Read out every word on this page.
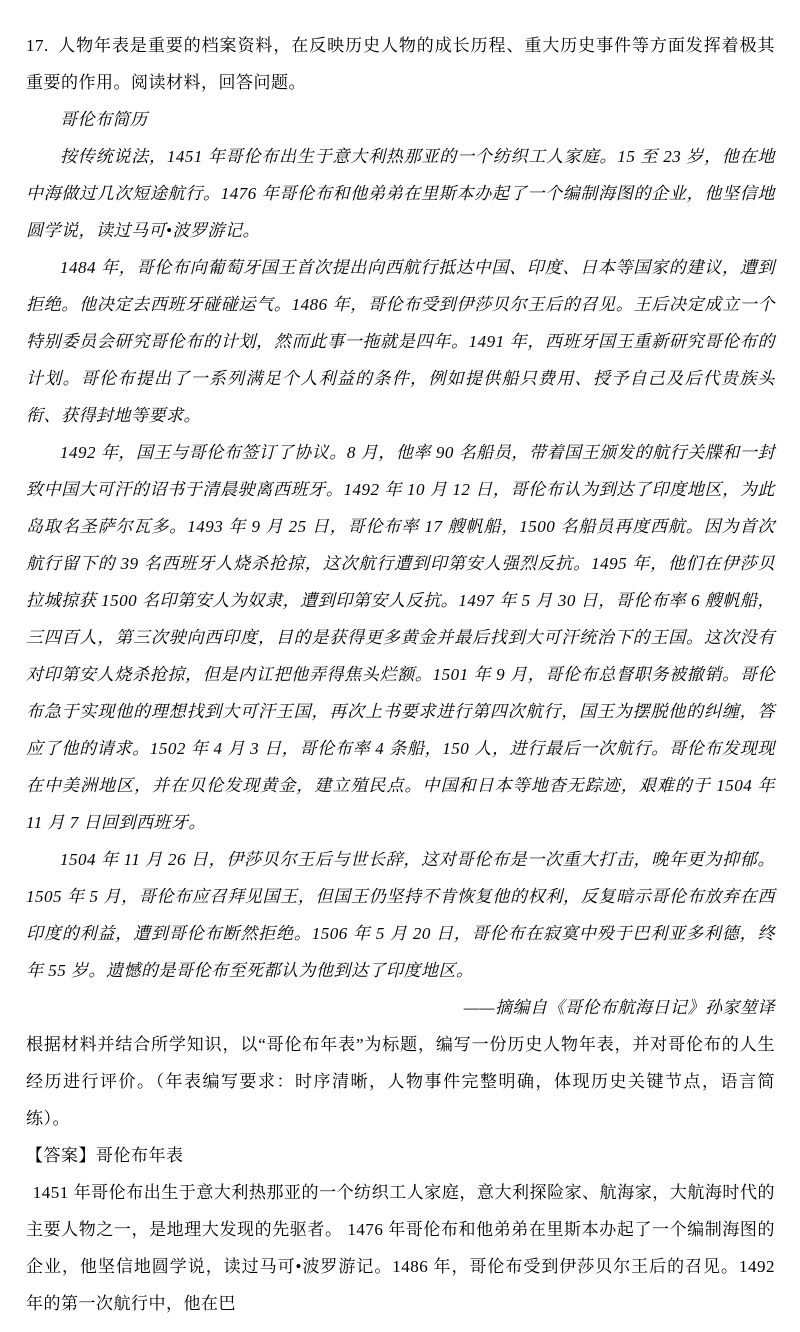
17. 人物年表是重要的档案资料，在反映历史人物的成长历程、重大历史事件等方面发挥着极其重要的作用。阅读材料，回答问题。

哥伦布简历

按传统说法，1451 年哥伦布出生于意大利热那亚的一个纺织工人家庭。15 至 23 岁，他在地中海做过几次短途航行。1476 年哥伦布和他弟弟在里斯本办起了一个编制海图的企业，他坚信地圆学说，读过马可•波罗游记。

1484 年，哥伦布向葡萄牙国王首次提出向西航行抵达中国、印度、日本等国家的建议，遭到拒绝。他决定去西班牙碰碰运气。1486 年，哥伦布受到伊莎贝尔王后的召见。王后决定成立一个特别委员会研究哥伦布的计划，然而此事一拖就是四年。1491 年，西班牙国王重新研究哥伦布的计划。哥伦布提出了一系列满足个人利益的条件，例如提供船只费用、授予自己及后代贵族头衔、获得封地等要求。

1492 年，国王与哥伦布签订了协议。8 月，他率 90 名船员，带着国王颁发的航行关牒和一封致中国大可汗的诏书于清晨驶离西班牙。1492 年 10 月 12 日，哥伦布认为到达了印度地区，为此岛取名圣萨尔瓦多。1493 年 9 月 25 日，哥伦布率 17 艘帆船，1500 名船员再度西航。因为首次航行留下的 39 名西班牙人烧杀抢掠，这次航行遭到印第安人强烈反抗。1495 年，他们在伊莎贝拉城掠获 1500 名印第安人为奴隶，遭到印第安人反抗。1497 年 5 月 30 日，哥伦布率 6 艘帆船，三四百人，第三次驶向西印度，目的是获得更多黄金并最后找到大可汗统治下的王国。这次没有对印第安人烧杀抢掠，但是内讧把他弄得焦头烂额。1501 年 9 月，哥伦布总督职务被撤销。哥伦布急于实现他的理想找到大可汗王国，再次上书要求进行第四次航行，国王为摆脱他的纠缠，答应了他的请求。1502 年 4 月 3 日，哥伦布率 4 条船，150 人，进行最后一次航行。哥伦布发现现在中美洲地区，并在贝伦发现黄金，建立殖民点。中国和日本等地杳无踪迹，艰难的于 1504 年 11 月 7 日回到西班牙。

1504 年 11 月 26 日，伊莎贝尔王后与世长辞，这对哥伦布是一次重大打击，晚年更为抑郁。1505 年 5 月，哥伦布应召拜见国王，但国王仍坚持不肯恢复他的权利，反复暗示哥伦布放弃在西印度的利益，遭到哥伦布断然拒绝。1506 年 5 月 20 日，哥伦布在寂寞中殁于巴利亚多利德，终年 55 岁。遗憾的是哥伦布至死都认为他到达了印度地区。

——摘编自《哥伦布航海日记》孙家堃译

根据材料并结合所学知识，以“哥伦布年表”为标题，编写一份历史人物年表，并对哥伦布的人生经历进行评价。（年表编写要求：时序清晰，人物事件完整明确，体现历史关键节点，语言简练）。

【答案】哥伦布年表

1451 年哥伦布出生于意大利热那亚的一个纺织工人家庭，意大利探险家、航海家，大航海时代的主要人物之一，是地理大发现的先驱者。 1476 年哥伦布和他弟弟在里斯本办起了一个编制海图的企业，他坚信地圆学说，读过马可•波罗游记。1486 年，哥伦布受到伊莎贝尔王后的召见。1492 年的第一次航行中，他在巴
